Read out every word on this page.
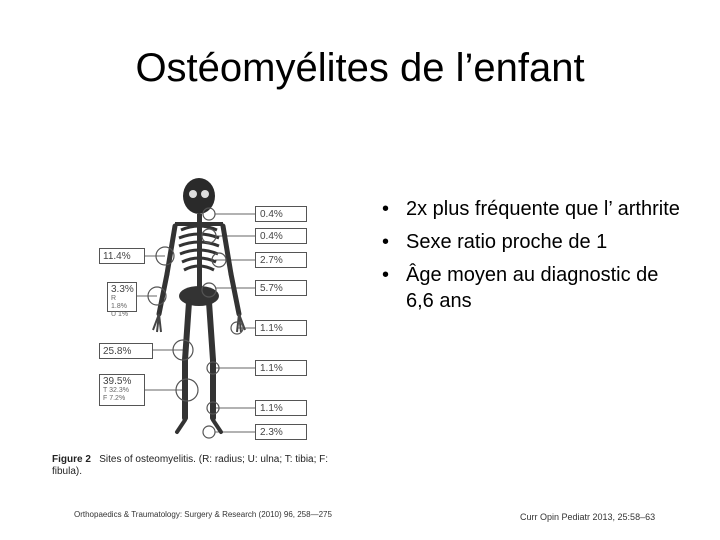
Ostéomyélites de l’enfant
• 2x plus fréquente que l’ arthrite
• Sexe ratio proche de 1
• Âge moyen au diagnostic de 6,6 ans
0.4%
0.4%
2.7%
5.7%
1.1%
1.1%
1.1%
2.3%
11.4%
3.3%
R 1.8%
U 1%
25.8%
39.5%
T 32.3%
F 7.2%
Figure 2 Sites of osteomyelitis. (R: radius; U: ulna; T: tibia; F: fibula).
Orthopaedics & Traumatology: Surgery & Research (2010) 96, 258—275	Curr Opin Pediatr 2013, 25:58–63
